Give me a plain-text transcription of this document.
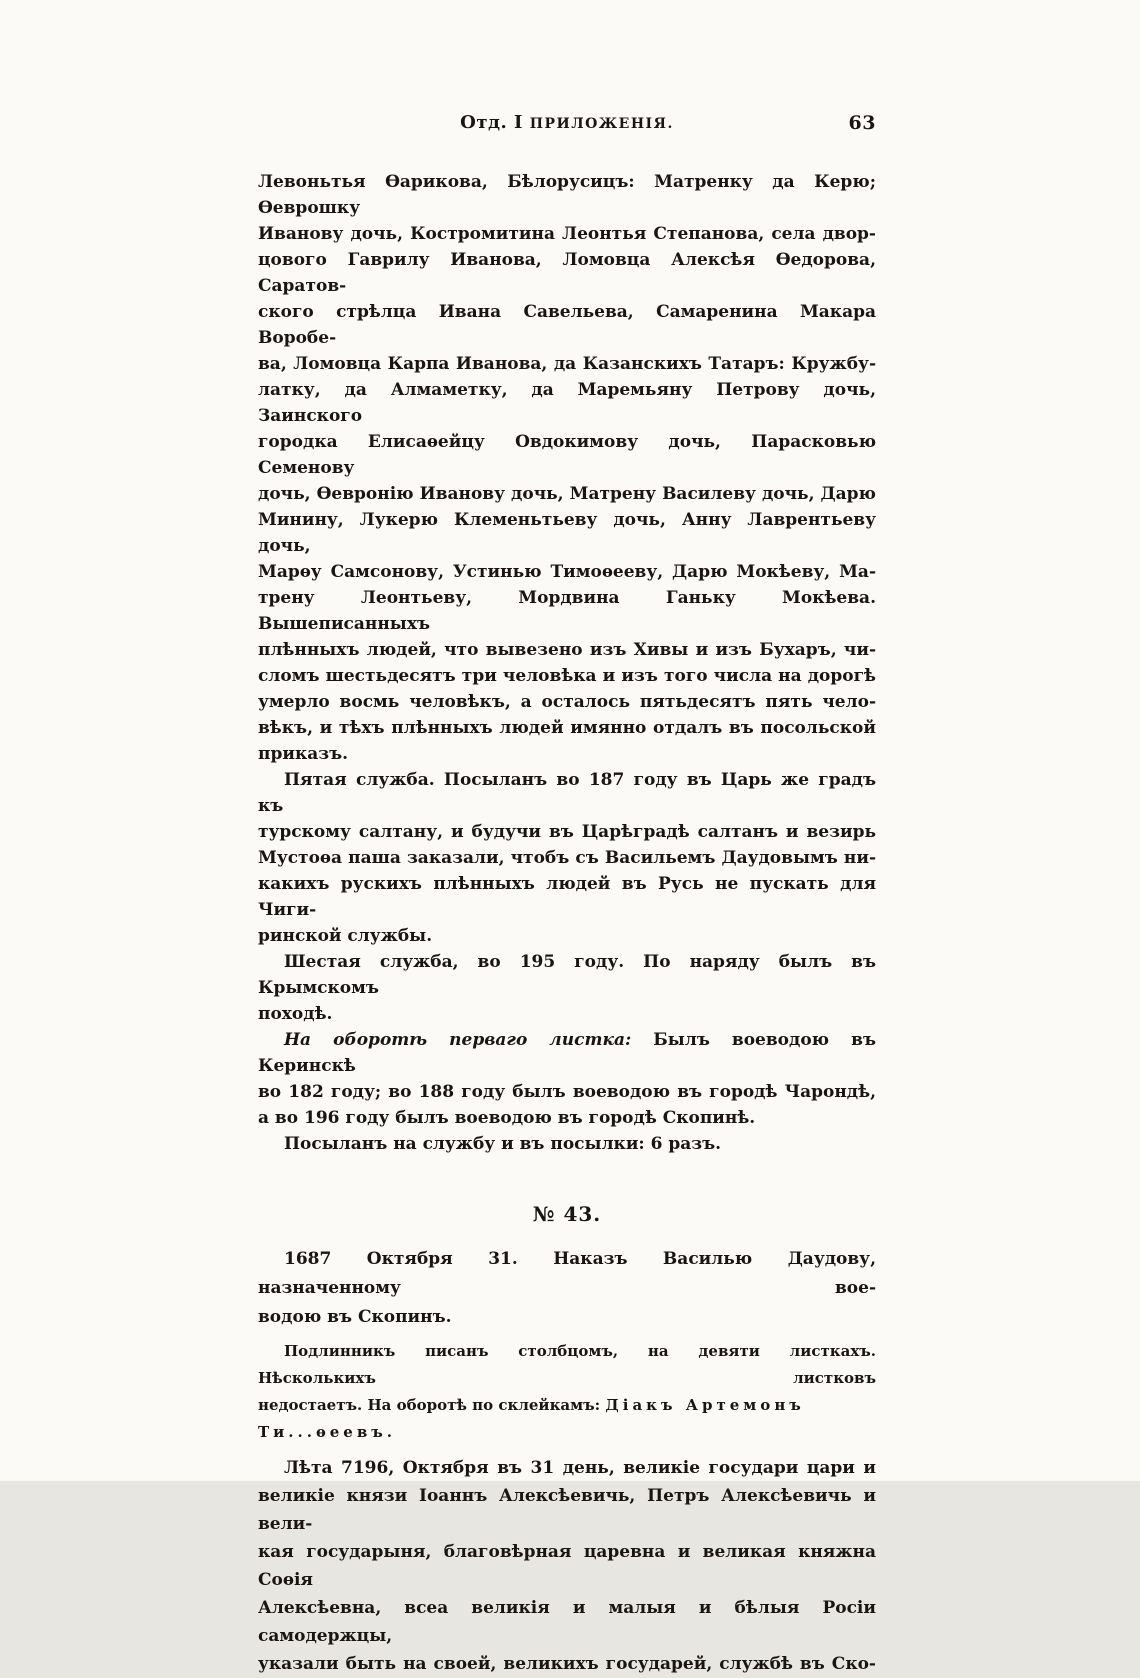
Отд. I ПРИЛОЖЕНІЯ.	63
Левоньтья Ѳарикова, Бѣлорусицъ: Матренку да Керю; Ѳеврошку
Иванову дочь, Костромитина Леонтья Степанова, села двор-
цового Гаврилу Иванова, Ломовца Алексѣя Ѳедорова, Саратов-
ского стрѣлца Ивана Савельева, Самаренина Макара Воробе-
ва, Ломовца Карпа Иванова, да Казанскихъ Татаръ: Кружбу-
латку, да Алмаметку, да Маремьяну Петрову дочь, Заинского
городка Елисаѳейцу Овдокимову дочь, Парасковью Семенову
дочь, Ѳевронію Иванову дочь, Матрену Василеву дочь, Дарю
Минину, Лукерю Клеменьтьеву дочь, Анну Лаврентьеву дочь,
Марѳу Самсонову, Устинью Тимоѳееву, Дарю Мокѣеву, Ма-
трену Леонтьеву, Мордвина Ганьку Мокѣева. Вышеписанныхъ
плѣнныхъ людей, что вывезено изъ Хивы и изъ Бухаръ, чи-
сломъ шестьдесятъ три человѣка и изъ того числа на дорогѣ
умерло восмь человѣкъ, а осталось пятьдесятъ пять чело-
вѣкъ, и тѣхъ плѣнныхъ людей имянно отдалъ въ посольской
приказъ.
Пятая служба. Посыланъ во 187 году въ Царь же градъ къ
турскому салтану, и будучи въ Царѣградѣ салтанъ и везирь
Мустоѳа паша заказали, чтобъ съ Васильемъ Даудовымъ ни-
какихъ рускихъ плѣнныхъ людей въ Русь не пускать для Чиги-
ринской службы.
Шестая служба, во 195 году. По наряду былъ въ Крымскомъ
походѣ.
На оборотѣ перваго листка: Былъ воеводою въ Керинскѣ
во 182 году; во 188 году былъ воеводою въ городѣ Чарондѣ,
а во 196 году былъ воеводою въ городѣ Скопинѣ.
Посыланъ на службу и въ посылки: 6 разъ.
№ 43.
1687 Октября 31. Наказъ Василью Даудову, назначенному вое-
водою въ Скопинъ.
Подлинникъ писанъ столбцомъ, на девяти листкахъ. Нѣсколькихъ листковъ
недостаетъ. На оборотѣ по склейкамъ: Діакъ Артемонъ Ти...ѳеевъ.
Лѣта 7196, Октября въ 31 день, великіе государи цари и
великіе князи Іоаннъ Алексѣевичь, Петръ Алексѣевичь и вели-
кая государыня, благовѣрная царевна и великая княжна Соѳія
Алексѣевна, всеа великія и малыя и бѣлыя Росіи самодержцы,
указали быть на своей, великихъ государей, службѣ въ Ско-
